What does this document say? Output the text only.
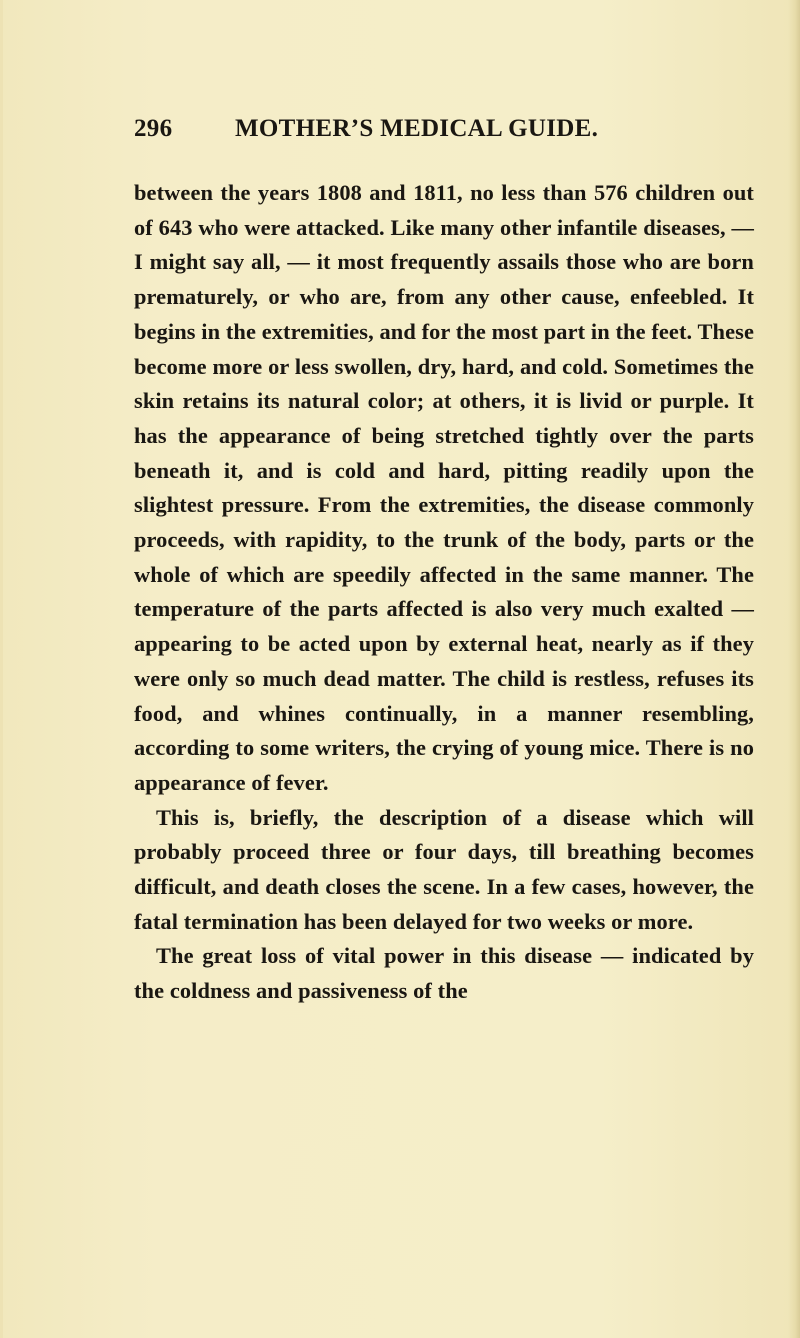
296	MOTHER’S MEDICAL GUIDE.

between the years 1808 and 1811, no less than 576 children out of 643 who were attacked. Like many other infantile diseases, — I might say all, — it most frequently assails those who are born prematurely, or who are, from any other cause, enfeebled. It begins in the extremities, and for the most part in the feet. These become more or less swollen, dry, hard, and cold. Sometimes the skin retains its natural color; at others, it is livid or purple. It has the appearance of being stretched tightly over the parts beneath it, and is cold and hard, pitting readily upon the slightest pressure. From the extremities, the disease commonly proceeds, with rapidity, to the trunk of the body, parts or the whole of which are speedily affected in the same manner. The temperature of the parts affected is also very much exalted — appearing to be acted upon by external heat, nearly as if they were only so much dead matter. The child is restless, refuses its food, and whines continually, in a manner resembling, according to some writers, the crying of young mice. There is no appearance of fever.

This is, briefly, the description of a disease which will probably proceed three or four days, till breathing becomes difficult, and death closes the scene. In a few cases, however, the fatal termination has been delayed for two weeks or more.

The great loss of vital power in this disease — indicated by the coldness and passiveness of the
